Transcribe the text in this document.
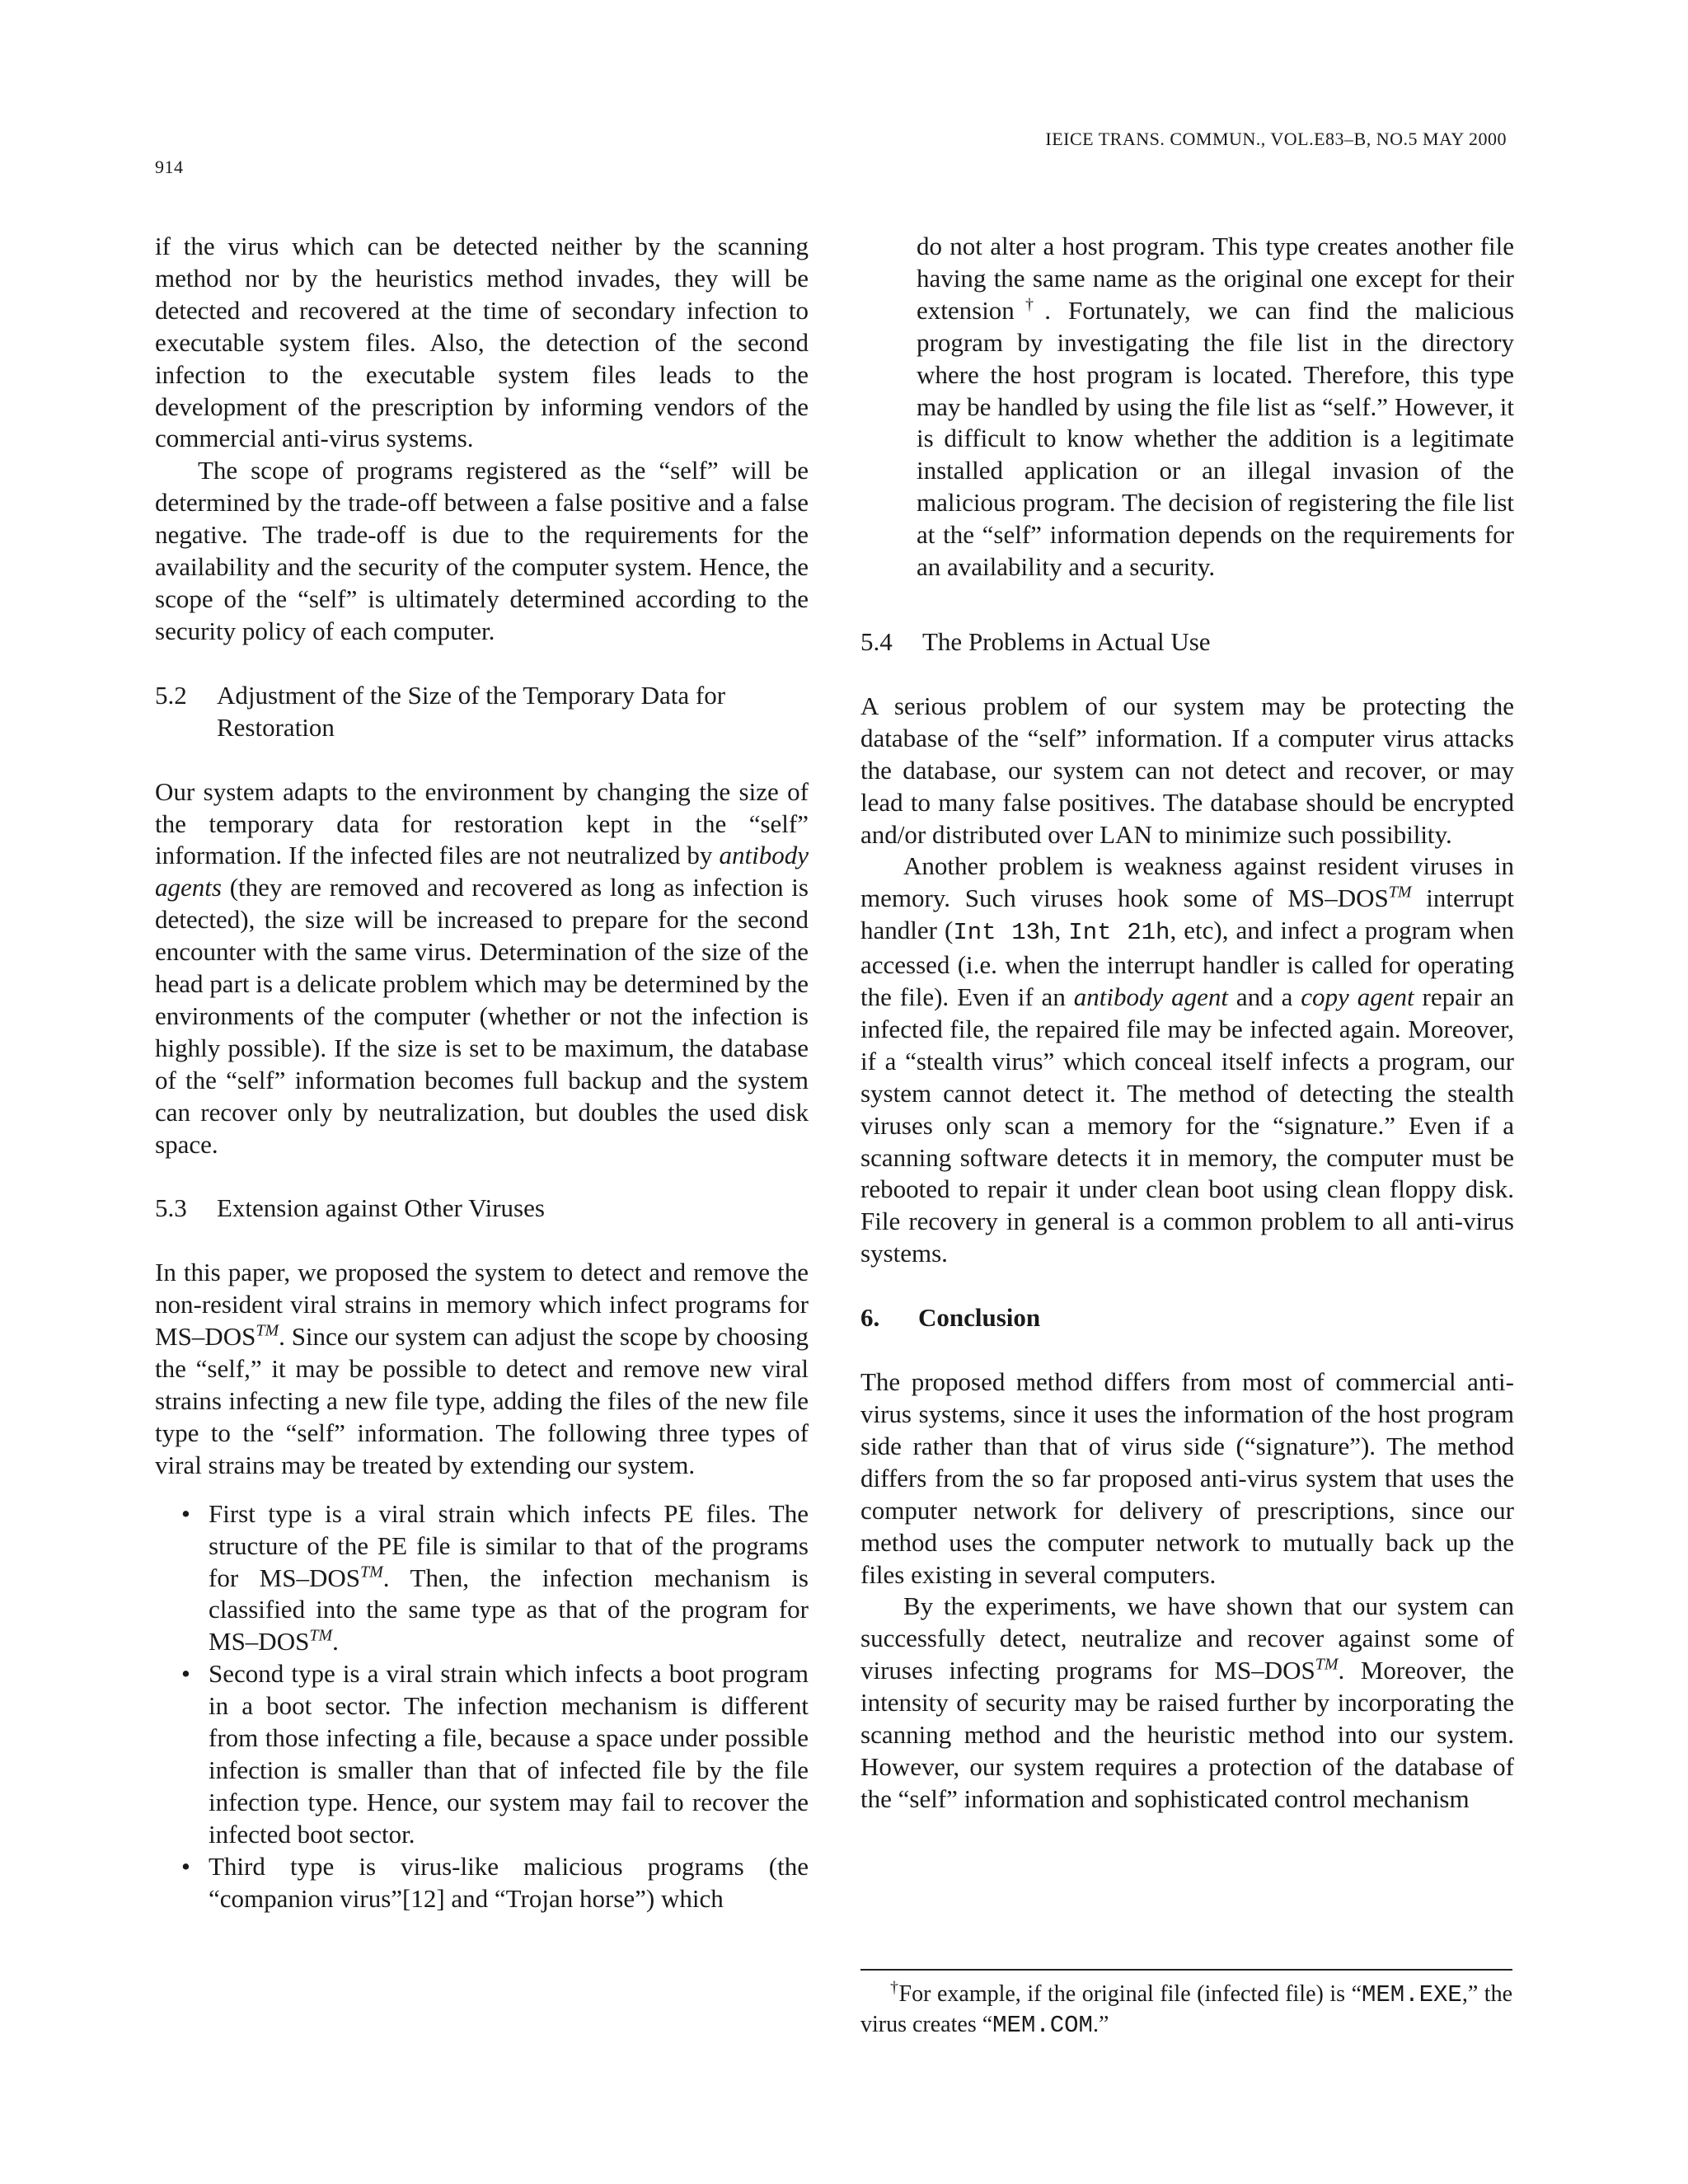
IEICE TRANS. COMMUN., VOL.E83–B, NO.5 MAY 2000
914

if the virus which can be detected neither by the scanning method nor by the heuristics method invades, they will be detected and recovered at the time of secondary infection to executable system files. Also, the detection of the second infection to the executable system files leads to the development of the prescription by informing vendors of the commercial anti-virus systems.

The scope of programs registered as the “self” will be determined by the trade-off between a false positive and a false negative. The trade-off is due to the requirements for the availability and the security of the computer system. Hence, the scope of the “self” is ultimately determined according to the security policy of each computer.

5.2	Adjustment of the Size of the Temporary Data for Restoration

Our system adapts to the environment by changing the size of the temporary data for restoration kept in the “self” information. If the infected files are not neutralized by antibody agents (they are removed and recovered as long as infection is detected), the size will be increased to prepare for the second encounter with the same virus. Determination of the size of the head part is a delicate problem which may be determined by the environments of the computer (whether or not the infection is highly possible). If the size is set to be maximum, the database of the “self” information becomes full backup and the system can recover only by neutralization, but doubles the used disk space.

5.3	Extension against Other Viruses

In this paper, we proposed the system to detect and remove the non-resident viral strains in memory which infect programs for MS–DOS™. Since our system can adjust the scope by choosing the “self,” it may be possible to detect and remove new viral strains infecting a new file type, adding the files of the new file type to the “self” information. The following three types of viral strains may be treated by extending our system.

• First type is a viral strain which infects PE files. The structure of the PE file is similar to that of the programs for MS–DOS™. Then, the infection mechanism is classified into the same type as that of the program for MS–DOS™.
• Second type is a viral strain which infects a boot program in a boot sector. The infection mechanism is different from those infecting a file, because a space under possible infection is smaller than that of infected file by the file infection type. Hence, our system may fail to recover the infected boot sector.
• Third type is virus-like malicious programs (the “companion virus”[12] and “Trojan horse”) which

do not alter a host program. This type creates another file having the same name as the original one except for their extension†. Fortunately, we can find the malicious program by investigating the file list in the directory where the host program is located. Therefore, this type may be handled by using the file list as “self.” However, it is difficult to know whether the addition is a legitimate installed application or an illegal invasion of the malicious program. The decision of registering the file list at the “self” information depends on the requirements for an availability and a security.

5.4	The Problems in Actual Use

A serious problem of our system may be protecting the database of the “self” information. If a computer virus attacks the database, our system can not detect and recover, or may lead to many false positives. The database should be encrypted and/or distributed over LAN to minimize such possibility.

Another problem is weakness against resident viruses in memory. Such viruses hook some of MS–DOS™ interrupt handler (Int 13h, Int 21h, etc), and infect a program when accessed (i.e. when the interrupt handler is called for operating the file). Even if an antibody agent and a copy agent repair an infected file, the repaired file may be infected again. Moreover, if a “stealth virus” which conceal itself infects a program, our system cannot detect it. The method of detecting the stealth viruses only scan a memory for the “signature.” Even if a scanning software detects it in memory, the computer must be rebooted to repair it under clean boot using clean floppy disk. File recovery in general is a common problem to all anti-virus systems.

6.	Conclusion

The proposed method differs from most of commercial anti-virus systems, since it uses the information of the host program side rather than that of virus side (“signature”). The method differs from the so far proposed anti-virus system that uses the computer network for delivery of prescriptions, since our method uses the computer network to mutually back up the files existing in several computers.

By the experiments, we have shown that our system can successfully detect, neutralize and recover against some of viruses infecting programs for MS–DOS™. Moreover, the intensity of security may be raised further by incorporating the scanning method and the heuristic method into our system. However, our system requires a protection of the database of the “self” information and sophisticated control mechanism

†For example, if the original file (infected file) is “MEM.EXE,” the virus creates “MEM.COM.”
